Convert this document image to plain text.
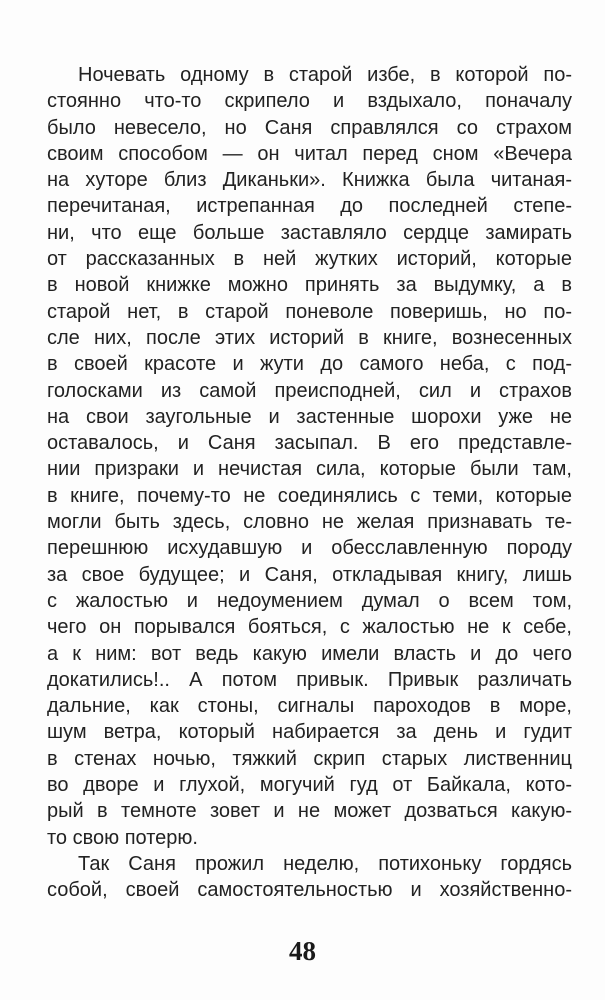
Ночевать одному в старой избе, в которой по-
стоянно что-то скрипело и вздыхало, поначалу
было невесело, но Саня справлялся со страхом
своим способом — он читал перед сном «Вечера
на хуторе близ Диканьки». Книжка была читаная-
перечитаная, истрепанная до последней степе-
ни, что еще больше заставляло сердце замирать
от рассказанных в ней жутких историй, которые
в новой книжке можно принять за выдумку, а в
старой нет, в старой поневоле поверишь, но по-
сле них, после этих историй в книге, вознесенных
в своей красоте и жути до самого неба, с под-
голосками из самой преисподней, сил и страхов
на свои заугольные и застенные шорохи уже не
оставалось, и Саня засыпал. В его представле-
нии призраки и нечистая сила, которые были там,
в книге, почему-то не соединялись с теми, которые
могли быть здесь, словно не желая признавать те-
перешнюю исхудавшую и обесславленную породу
за свое будущее; и Саня, откладывая книгу, лишь
с жалостью и недоумением думал о всем том,
чего он порывался бояться, с жалостью не к себе,
а к ним: вот ведь какую имели власть и до чего
докатились!.. А потом привык. Привык различать
дальние, как стоны, сигналы пароходов в море,
шум ветра, который набирается за день и гудит
в стенах ночью, тяжкий скрип старых лиственниц
во дворе и глухой, могучий гуд от Байкала, кото-
рый в темноте зовет и не может дозваться какую-
то свою потерю.
Так Саня прожил неделю, потихоньку гордясь
собой, своей самостоятельностью и хозяйственно-
48
